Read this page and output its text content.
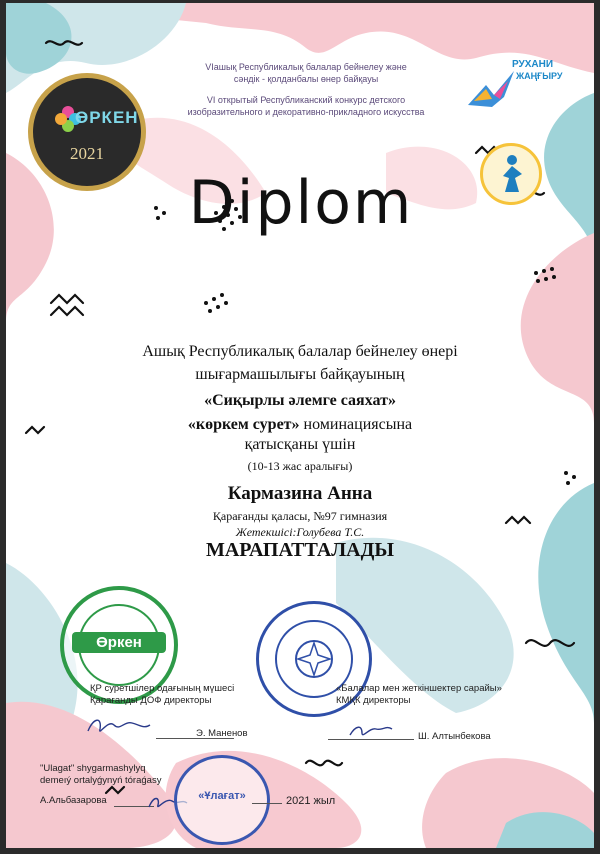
ӨРКЕН
2021
VIашық Республикалық балалар бейнелеу және
сәндік - қолданбалы өнер байқауы
VI открытый Республиканский конкурс детского
изобразительного и декоративно-прикладного искусства
РУХАНИ
ЖАҢҒЫРУ
Diplom
Ашық Республикалық балалар бейнелеу өнері
шығармашылығы байқауының
«Сиқырлы әлемге саяхат»
«көркем сурет» номинациясына
қатысқаны үшін
(10-13 жас аралығы)
Кармазина Анна
Қарағанды қаласы, №97 гимназия
Жетекшісі:Голубева Т.С.
МАРАПАТТАЛАДЫ
Өркен
ҚР суретшілер одағының мүшесі
Қарағанды ДОФ директоры
«Балалар мен жеткіншектер сарайы»
КМҚК директоры
Э. Маненов	Ш. Алтынбекова
"Ulagat" shygarmashylyq
demeıý ortalyǵynyń tóraǵasy
А.Альбазарова	«Ұлағат»	2021 жыл
